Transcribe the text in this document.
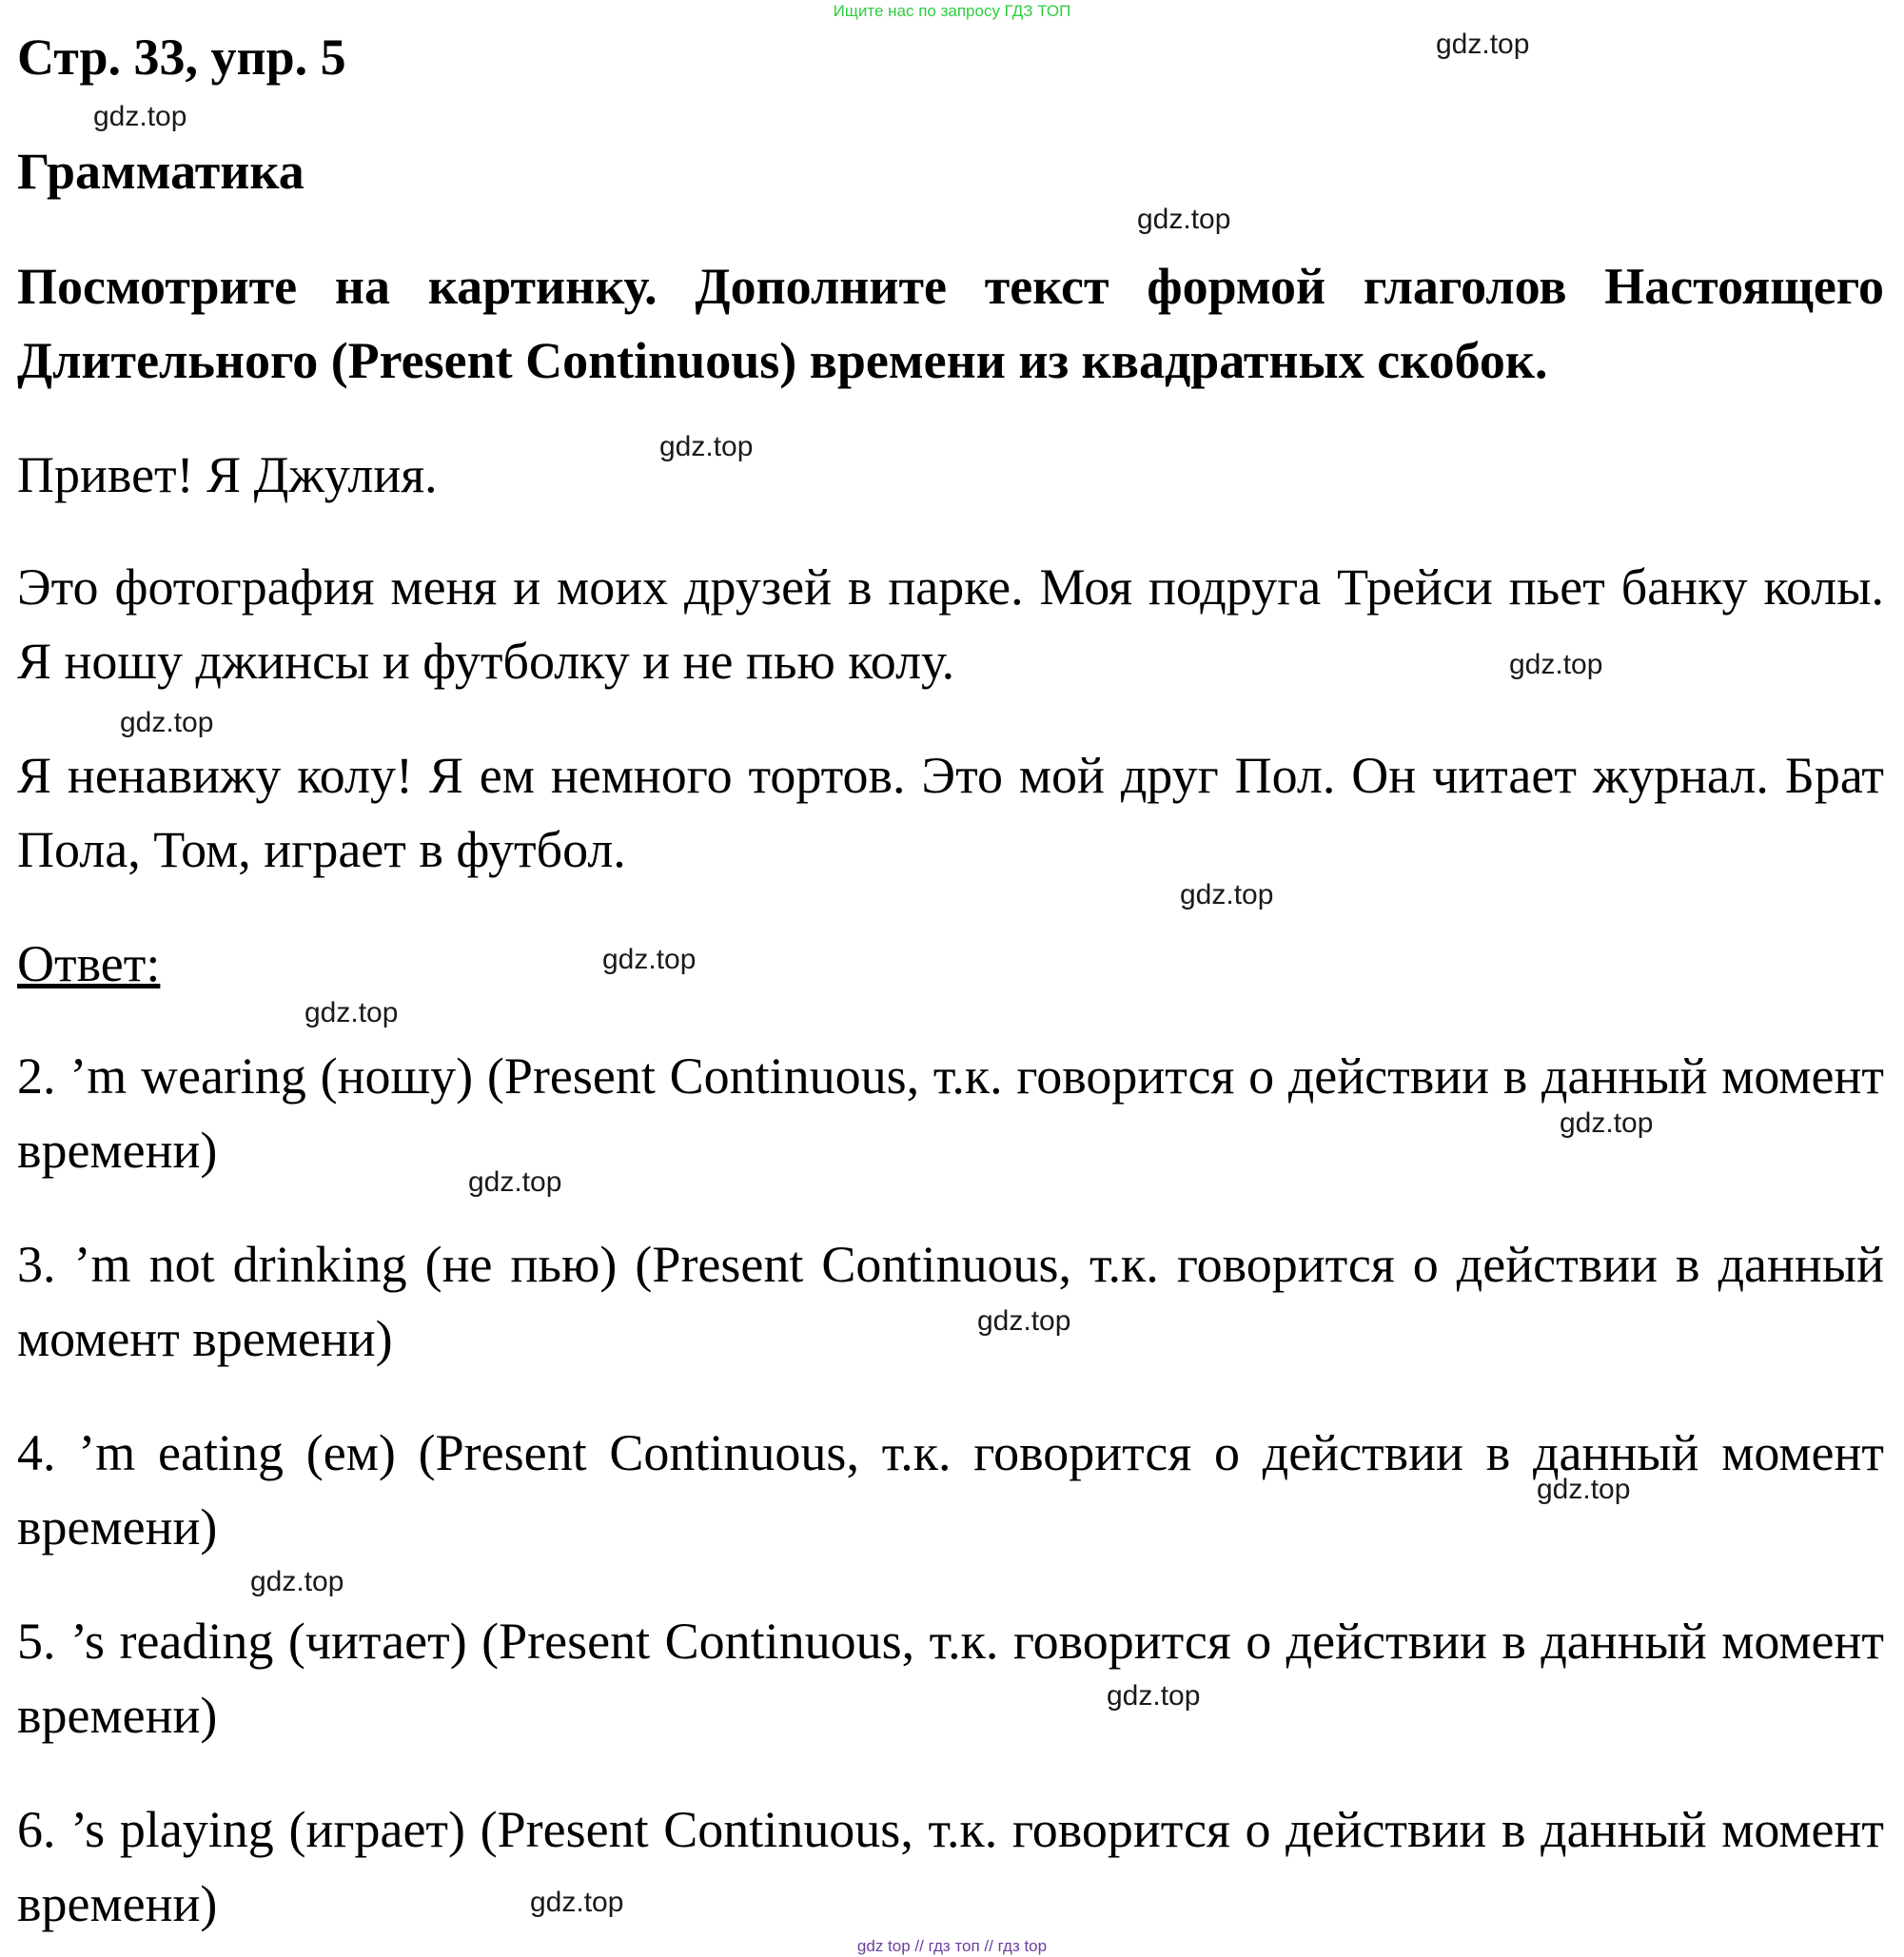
Ищите нас по запросу ГДЗ ТОП
Стр. 33, упр. 5
Грамматика
Посмотрите на картинку. Дополните текст формой глаголов Настоящего Длительного (Present Continuous) времени из квадратных скобок.
Привет! Я Джулия.
Это фотография меня и моих друзей в парке. Моя подруга Трейси пьет банку колы. Я ношу джинсы и футболку и не пью колу.
Я ненавижу колу! Я ем немного тортов. Это мой друг Пол. Он читает журнал. Брат Пола, Том, играет в футбол.
Ответ:
2. ’m wearing (ношу) (Present Continuous, т.к. говорится о действии в данный момент времени)
3. ’m not drinking (не пью) (Present Continuous, т.к. говорится о действии в данный момент времени)
4. ’m eating (ем) (Present Continuous, т.к. говорится о действии в данный момент времени)
5. ’s reading (читает) (Present Continuous, т.к. говорится о действии в данный момент времени)
6. ’s playing (играет) (Present Continuous, т.к. говорится о действии в данный момент времени)
gdz.top
gdz.top
gdz.top
gdz.top
gdz.top
gdz.top
gdz.top
gdz.top
gdz.top
gdz.top
gdz.top
gdz.top
gdz.top
gdz.top
gdz.top
gdz.top
gdz top // гдз топ // гдз top
